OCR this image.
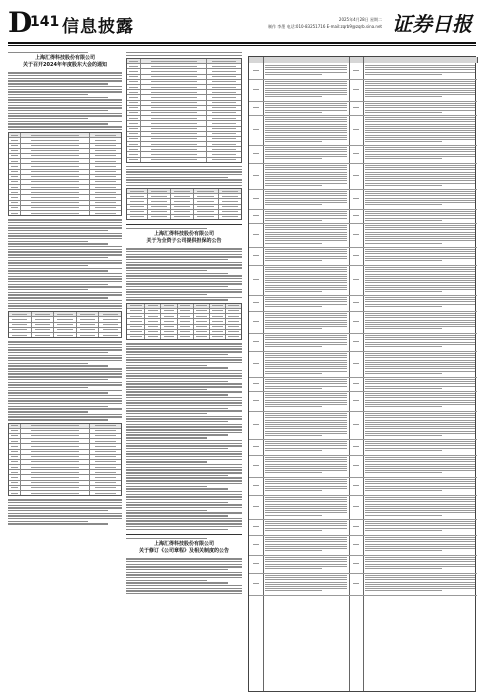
D
141 信息披露	2025年4月28日 星期二
制作 李墨 电话:010-83251716 E-mail:zqrb9@zqrb.sina.net 证券日报
上海汇得科技股份有限公司
关于召开2024年年度股东大会的通知
上海汇得科技股份有限公司
关于为全资子公司提供担保的公告
上海汇得科技股份有限公司
关于修订《公司章程》及相关制度的公告
